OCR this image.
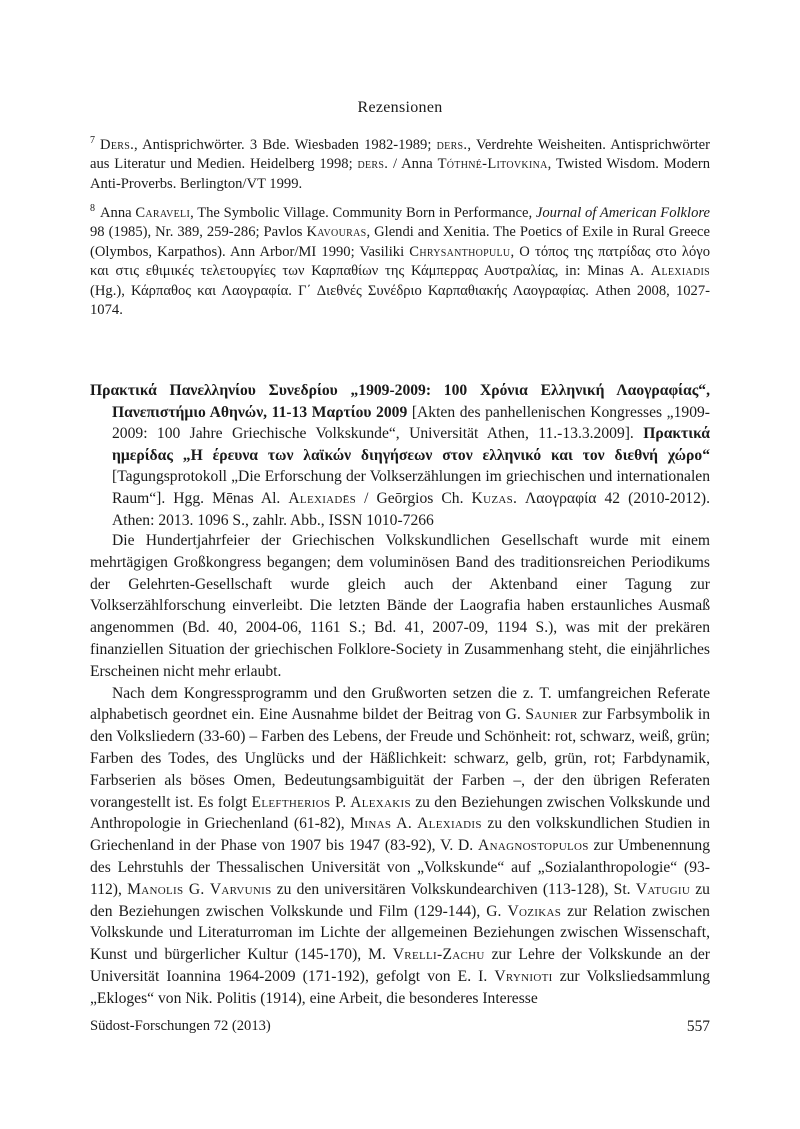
Rezensionen

$^7$ Ders., Antisprichwörter. 3 Bde. Wiesbaden 1982-1989; ders., Verdrehte Weisheiten. Antisprichwörter aus Literatur und Medien. Heidelberg 1998; ders. / Anna Tóthné-Litovkina, Twisted Wisdom. Modern Anti-Proverbs. Berlington/VT 1999.

$^8$ Anna Caraveli, The Symbolic Village. Community Born in Performance, Journal of American Folklore 98 (1985), Nr. 389, 259-286; Pavlos Kavouras, Glendi and Xenitia. The Poetics of Exile in Rural Greece (Olymbos, Karpathos). Ann Arbor/MI 1990; Vasiliki Chrysanthopulu, Ο τόπος της πατρίδας στο λόγο και στις εθιμικές τελετουργίες των Καρπαθίων της Κάμπερρας Αυστραλίας, in: Minas A. Alexiadis (Hg.), Κάρπαθος και Λαογραφία. Γ΄ Διεθνές Συνέδριο Καρπαθιακής Λαογραφίας. Athen 2008, 1027-1074.

Πρακτικά Πανελληνίου Συνεδρίου „1909-2009: 100 Χρόνια Ελληνική Λαογραφίας“, Πανεπιστήμιο Αθηνών, 11-13 Μαρτίου 2009 [Akten des panhellenischen Kongresses „1909-2009: 100 Jahre Griechische Volkskunde“, Universität Athen, 11.-13.3.2009]. Πρακτικά ημερίδας „Η έρευνα των λαϊκών διηγήσεων στον ελληνικό και τον διεθνή χώρο“ [Tagungsprotokoll „Die Erforschung der Volkserzählungen im griechischen und internationalen Raum“]. Hgg. Mēnas Al. Alexiadēs / Geōrgios Ch. Kuzas. Λαογραφία 42 (2010-2012). Athen: 2013. 1096 S., zahlr. Abb., ISSN 1010-7266

Die Hundertjahrfeier der Griechischen Volkskundlichen Gesellschaft wurde mit einem mehrtägigen Großkongress begangen; dem voluminösen Band des traditionsreichen Periodikums der Gelehrten-Gesellschaft wurde gleich auch der Aktenband einer Tagung zur Volkserzählforschung einverleibt. Die letzten Bände der Laografia haben erstaunliches Ausmaß angenommen (Bd. 40, 2004-06, 1161 S.; Bd. 41, 2007-09, 1194 S.), was mit der prekären finanziellen Situation der griechischen Folklore-Society in Zusammenhang steht, die einjährliches Erscheinen nicht mehr erlaubt.

Nach dem Kongressprogramm und den Grußworten setzen die z. T. umfangreichen Referate alphabetisch geordnet ein. Eine Ausnahme bildet der Beitrag von G. Saunier zur Farbsymbolik in den Volksliedern (33-60) – Farben des Lebens, der Freude und Schönheit: rot, schwarz, weiß, grün; Farben des Todes, des Unglücks und der Häßlichkeit: schwarz, gelb, grün, rot; Farbdynamik, Farbserien als böses Omen, Bedeutungsambiguität der Farben –, der den übrigen Referaten vorangestellt ist. Es folgt Eleftherios P. Alexakis zu den Beziehungen zwischen Volkskunde und Anthropologie in Griechenland (61-82), Minas A. Alexiadis zu den volkskundlichen Studien in Griechenland in der Phase von 1907 bis 1947 (83-92), V. D. Anagnostopulos zur Umbenennung des Lehrstuhls der Thessalischen Universität von „Volkskunde“ auf „Sozialanthropologie“ (93-112), Manolis G. Varvunis zu den universitären Volkskundearchiven (113-128), St. Vatugiu zu den Beziehungen zwischen Volkskunde und Film (129-144), G. Vozikas zur Relation zwischen Volkskunde und Literaturroman im Lichte der allgemeinen Beziehungen zwischen Wissenschaft, Kunst und bürgerlicher Kultur (145-170), M. Vrelli-Zachu zur Lehre der Volkskunde an der Universität Ioannina 1964-2009 (171-192), gefolgt von E. I. Vryniοti zur Volksliedsammlung „Ekloges“ von Nik. Politis (1914), eine Arbeit, die besonderes Interesse

Südost-Forschungen 72 (2013)	557
